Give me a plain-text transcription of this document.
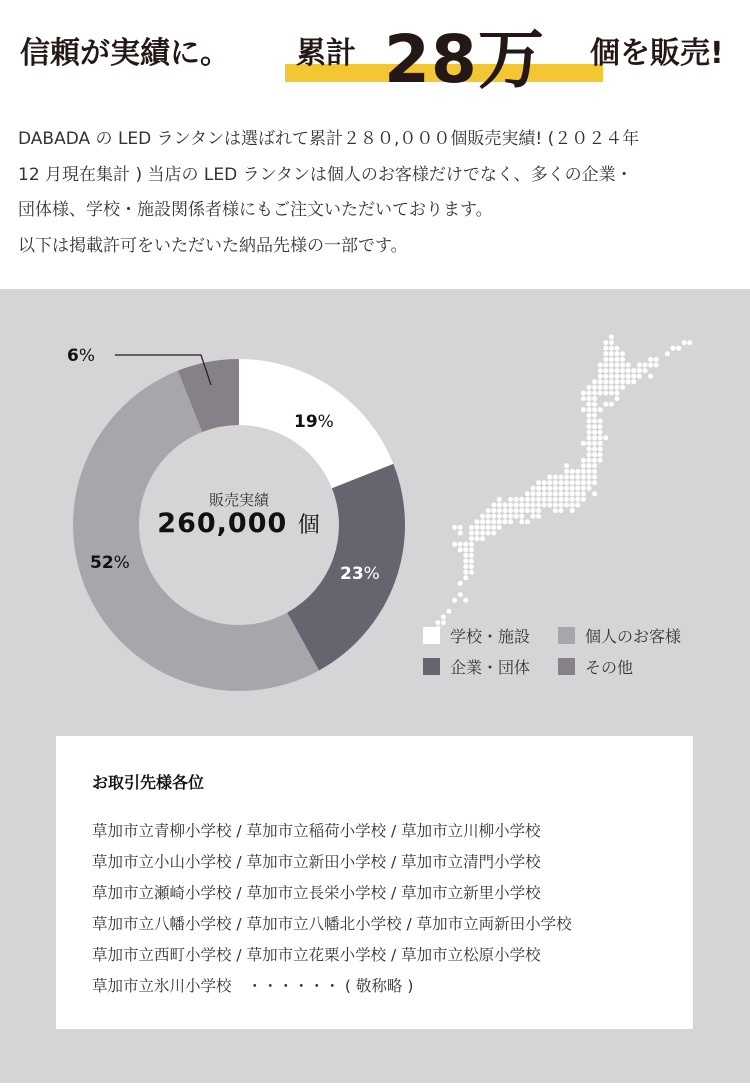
信頼が実績に。 累計 28万 個を販売!

DABADA の LED ランタンは選ばれて累計２８０,０００個販売実績! (２０２４年

12 月現在集計 ) 当店の LED ランタンは個人のお客様だけでなく、多くの企業・

団体様、学校・施設関係者様にもご注文いただいております。

以下は掲載許可をいただいた納品先様の一部です。

19%
23%
52%
6%
販売実績
260,000 個
学校・施設	個人のお客様
企業・団体	その他
お取引先様各位
草加市立青柳小学校 / 草加市立稲荷小学校 / 草加市立川柳小学校
草加市立小山小学校 / 草加市立新田小学校 / 草加市立清門小学校
草加市立瀬崎小学校 / 草加市立長栄小学校 / 草加市立新里小学校
草加市立八幡小学校 / 草加市立八幡北小学校 / 草加市立両新田小学校
草加市立西町小学校 / 草加市立花栗小学校 / 草加市立松原小学校
草加市立氷川小学校　・・・・・・ ( 敬称略 )
